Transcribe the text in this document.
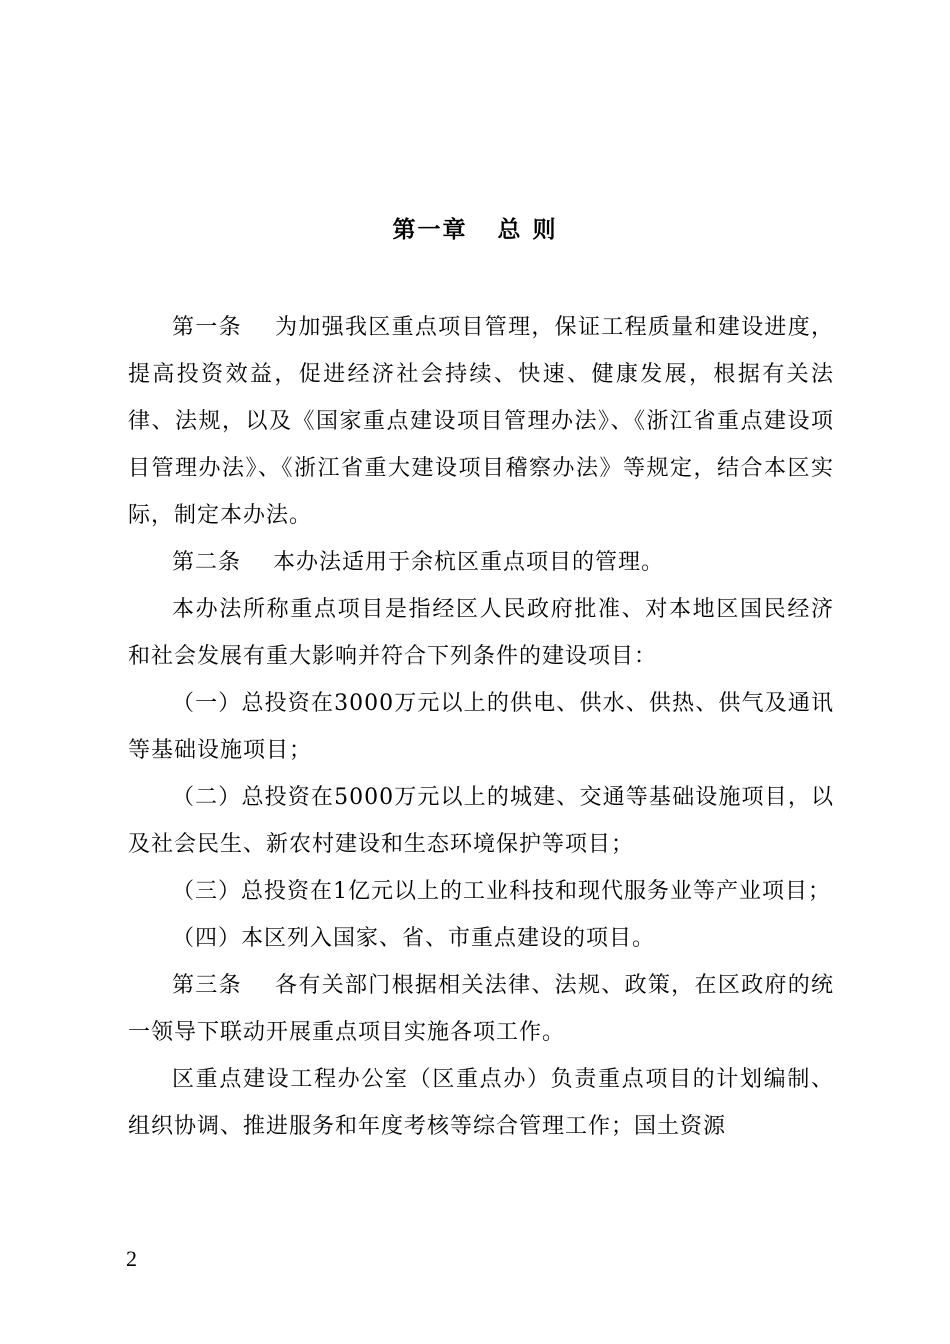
第一章   总 则

第一条    为加强我区重点项目管理，保证工程质量和建设进度，提高投资效益，促进经济社会持续、快速、健康发展，根据有关法律、法规，以及《国家重点建设项目管理办法》、《浙江省重点建设项目管理办法》、《浙江省重大建设项目稽察办法》等规定，结合本区实际，制定本办法。

第二条    本办法适用于余杭区重点项目的管理。

本办法所称重点项目是指经区人民政府批准、对本地区国民经济和社会发展有重大影响并符合下列条件的建设项目：

（一）总投资在3000万元以上的供电、供水、供热、供气及通讯等基础设施项目；

（二）总投资在5000万元以上的城建、交通等基础设施项目，以及社会民生、新农村建设和生态环境保护等项目；

（三）总投资在1亿元以上的工业科技和现代服务业等产业项目；

（四）本区列入国家、省、市重点建设的项目。

第三条    各有关部门根据相关法律、法规、政策，在区政府的统一领导下联动开展重点项目实施各项工作。

区重点建设工程办公室（区重点办）负责重点项目的计划编制、组织协调、推进服务和年度考核等综合管理工作；国土资源

2
